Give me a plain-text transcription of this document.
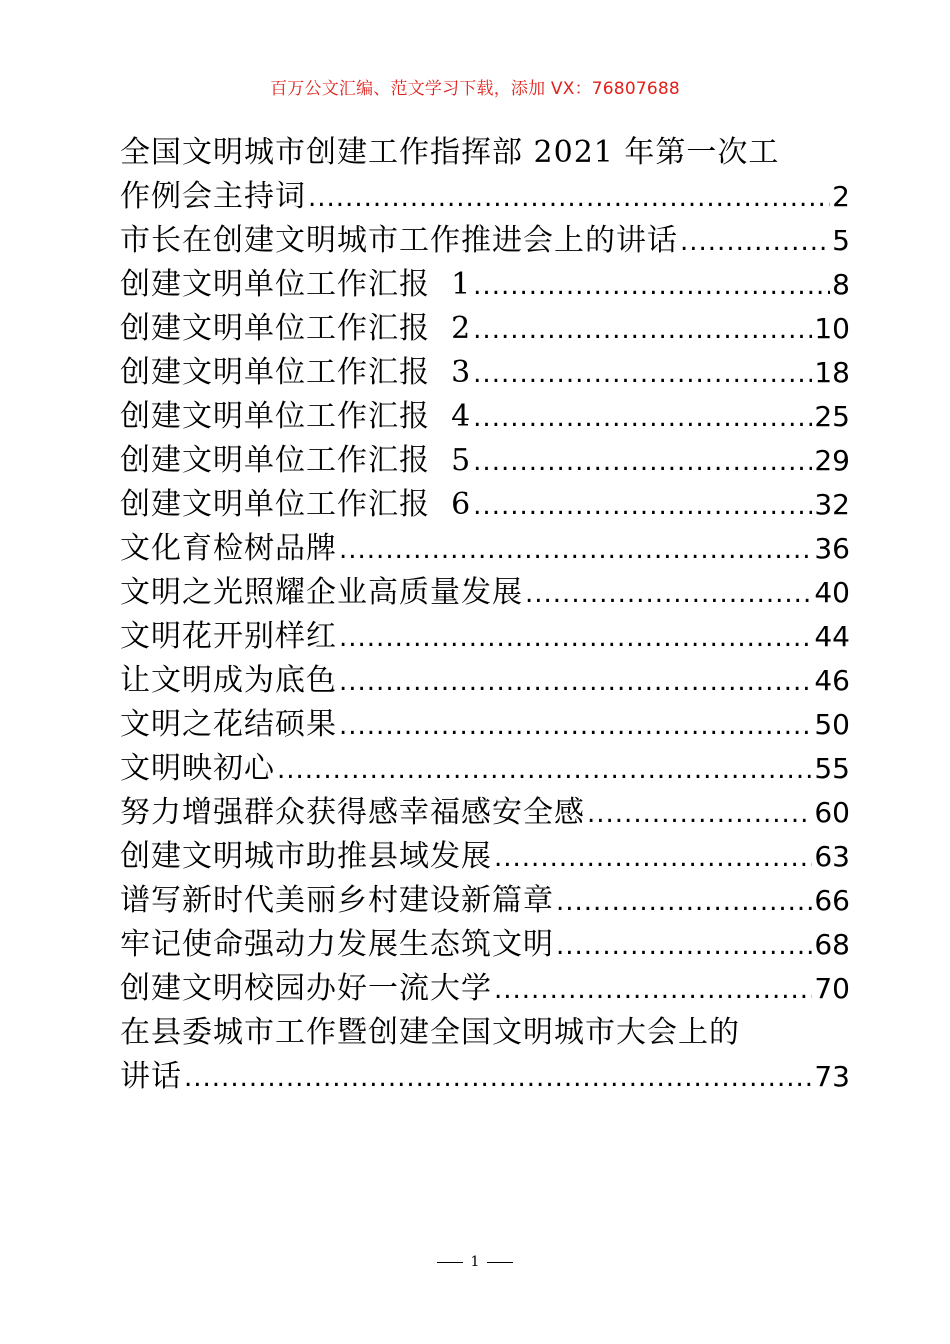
百万公文汇编、范文学习下载，添加 VX：76807688
全国文明城市创建工作指挥部 2021 年第一次工
作例会主持词 .....	2
市长在创建文明城市工作推进会上的讲话 .....	5
创建文明单位工作汇报  1 .....	8
创建文明单位工作汇报  2 .....	10
创建文明单位工作汇报  3 .....	18
创建文明单位工作汇报  4 .....	25
创建文明单位工作汇报  5 .....	29
创建文明单位工作汇报  6 .....	32
文化育检树品牌 .....	36
文明之光照耀企业高质量发展 .....	40
文明花开别样红 .....	44
让文明成为底色 .....	46
文明之花结硕果 .....	50
文明映初心 .....	55
努力增强群众获得感幸福感安全感 .....	60
创建文明城市助推县域发展 .....	63
谱写新时代美丽乡村建设新篇章 .....	66
牢记使命强动力发展生态筑文明 .....	68
创建文明校园办好一流大学 .....	70
在县委城市工作暨创建全国文明城市大会上的
讲话 .....	73
1
